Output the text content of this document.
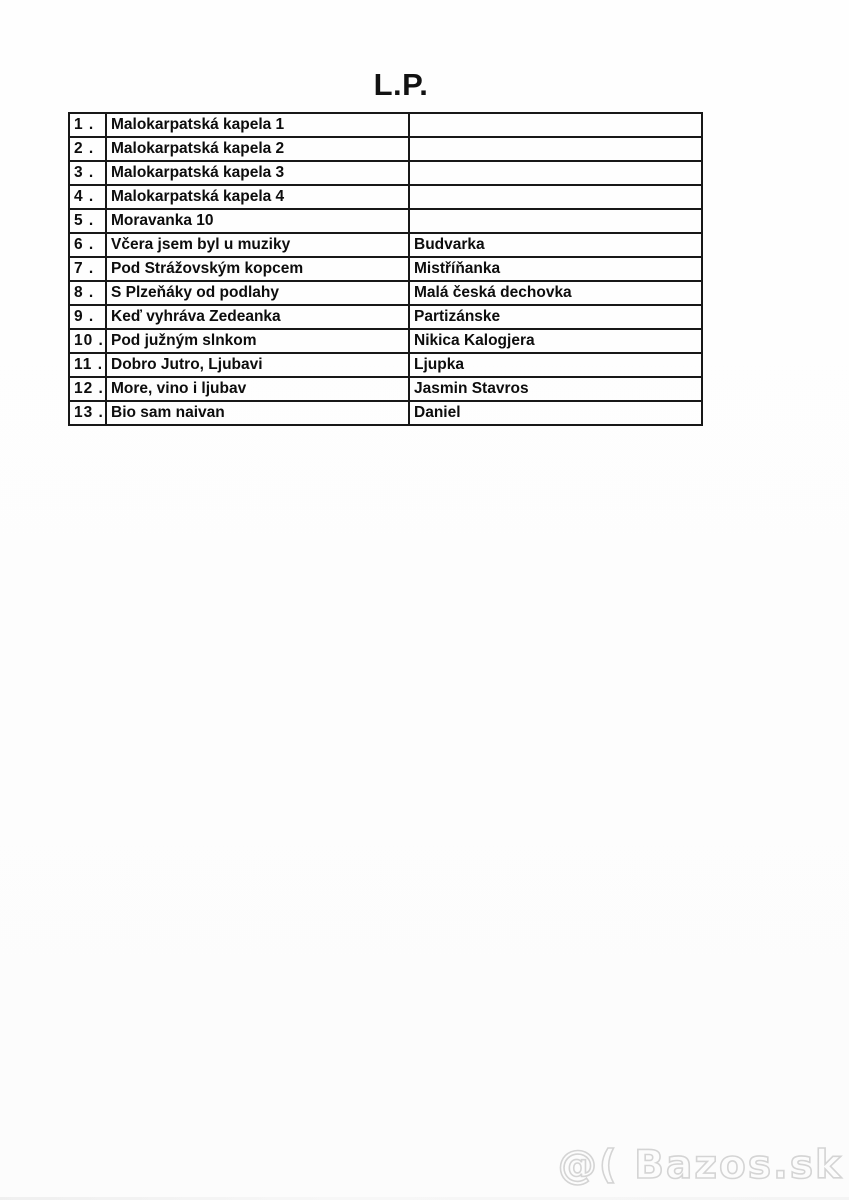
L.P.
1 .	Malokarpatská kapela 1	
2 .	Malokarpatská kapela 2	
3 .	Malokarpatská kapela 3	
4 .	Malokarpatská kapela 4	
5 .	Moravanka 10	
6 .	Včera jsem byl u muziky	Budvarka
7 .	Pod Strážovským kopcem	Mistříňanka
8 .	S Plzeňáky od podlahy	Malá česká dechovka
9 .	Keď vyhráva Zedeanka	Partizánske
10 .	Pod južným slnkom	Nikica Kalogjera
11 .	Dobro Jutro, Ljubavi	Ljupka
12 .	More, vino i ljubav	Jasmin Stavros
13 .	Bio sam naivan	Daniel
@( Bazos.sk
